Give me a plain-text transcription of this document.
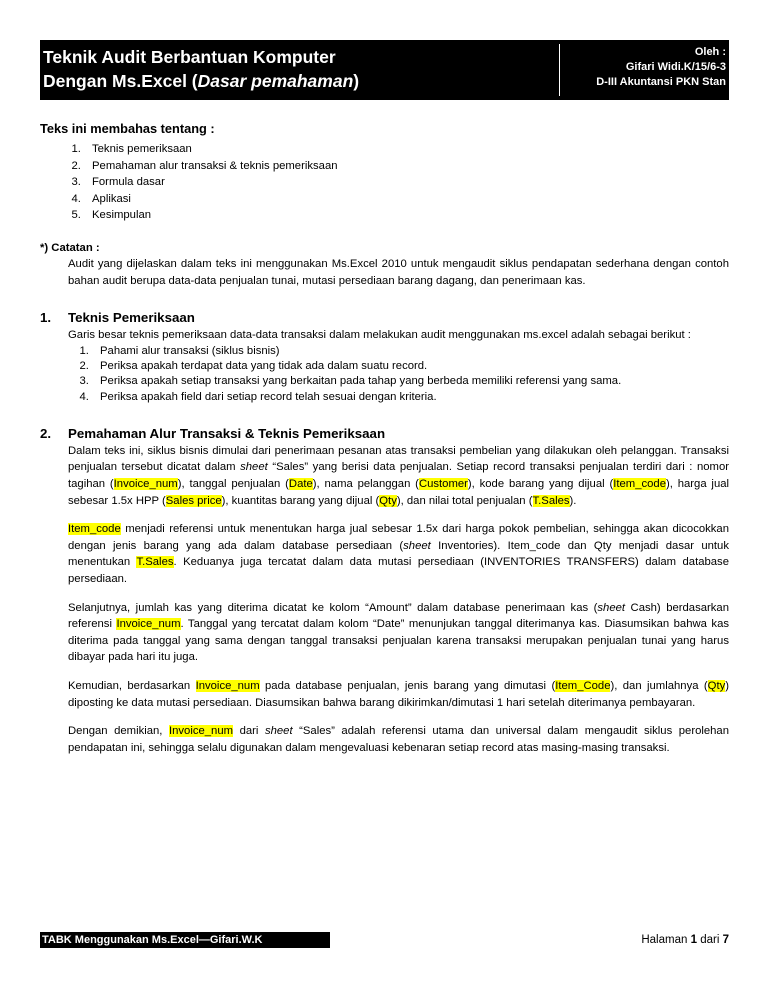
Teknik Audit Berbantuan Komputer
Dengan Ms.Excel (Dasar pemahaman)
Oleh :
Gifari Widi.K/15/6-3
D-III Akuntansi PKN Stan
Teks ini membahas tentang :
1. Teknis pemeriksaan
2. Pemahaman alur transaksi & teknis pemeriksaan
3. Formula dasar
4. Aplikasi
5. Kesimpulan
*) Catatan :
Audit yang dijelaskan dalam teks ini menggunakan Ms.Excel 2010 untuk mengaudit siklus pendapatan sederhana dengan contoh bahan audit berupa data-data penjualan tunai, mutasi persediaan barang dagang, dan penerimaan kas.
1. Teknis Pemeriksaan
Garis besar teknis pemeriksaan data-data transaksi dalam melakukan audit menggunakan ms.excel adalah sebagai berikut :
1. Pahami alur transaksi (siklus bisnis)
2. Periksa apakah terdapat data yang tidak ada dalam suatu record.
3. Periksa apakah setiap transaksi yang berkaitan pada tahap yang berbeda memiliki referensi yang sama.
4. Periksa apakah field dari setiap record telah sesuai dengan kriteria.
2. Pemahaman Alur Transaksi & Teknis Pemeriksaan

Dalam teks ini, siklus bisnis dimulai dari penerimaan pesanan atas transaksi pembelian yang dilakukan oleh pelanggan. Transaksi penjualan tersebut dicatat dalam sheet “Sales” yang berisi data penjualan. Setiap record transaksi penjualan terdiri dari : nomor tagihan (Invoice_num), tanggal penjualan (Date), nama pelanggan (Customer), kode barang yang dijual (Item_code), harga jual sebesar 1.5x HPP (Sales price), kuantitas barang yang dijual (Qty), dan nilai total penjualan (T.Sales).

Item_code menjadi referensi untuk menentukan harga jual sebesar 1.5x dari harga pokok pembelian, sehingga akan dicocokkan dengan jenis barang yang ada dalam database persediaan (sheet Inventories). Item_code dan Qty menjadi dasar untuk menentukan T.Sales. Keduanya juga tercatat dalam data mutasi persediaan (INVENTORIES TRANSFERS) dalam database persediaan.

Selanjutnya, jumlah kas yang diterima dicatat ke kolom “Amount” dalam database penerimaan kas (sheet Cash) berdasarkan referensi Invoice_num. Tanggal yang tercatat dalam kolom “Date” menunjukan tanggal diterimanya kas. Diasumsikan bahwa kas diterima pada tanggal yang sama dengan tanggal transaksi penjualan karena transaksi merupakan penjualan tunai yang harus dibayar pada hari itu juga.

Kemudian, berdasarkan Invoice_num pada database penjualan, jenis barang yang dimutasi (Item_Code), dan jumlahnya (Qty) diposting ke data mutasi persediaan. Diasumsikan bahwa barang dikirimkan/dimutasi 1 hari setelah diterimanya pembayaran.

Dengan demikian, Invoice_num dari sheet “Sales” adalah referensi utama dan universal dalam mengaudit siklus perolehan pendapatan ini, sehingga selalu digunakan dalam mengevaluasi kebenaran setiap record atas masing-masing transaksi.

TABK Menggunakan Ms.Excel—Gifari.W.K	Halaman 1 dari 7
